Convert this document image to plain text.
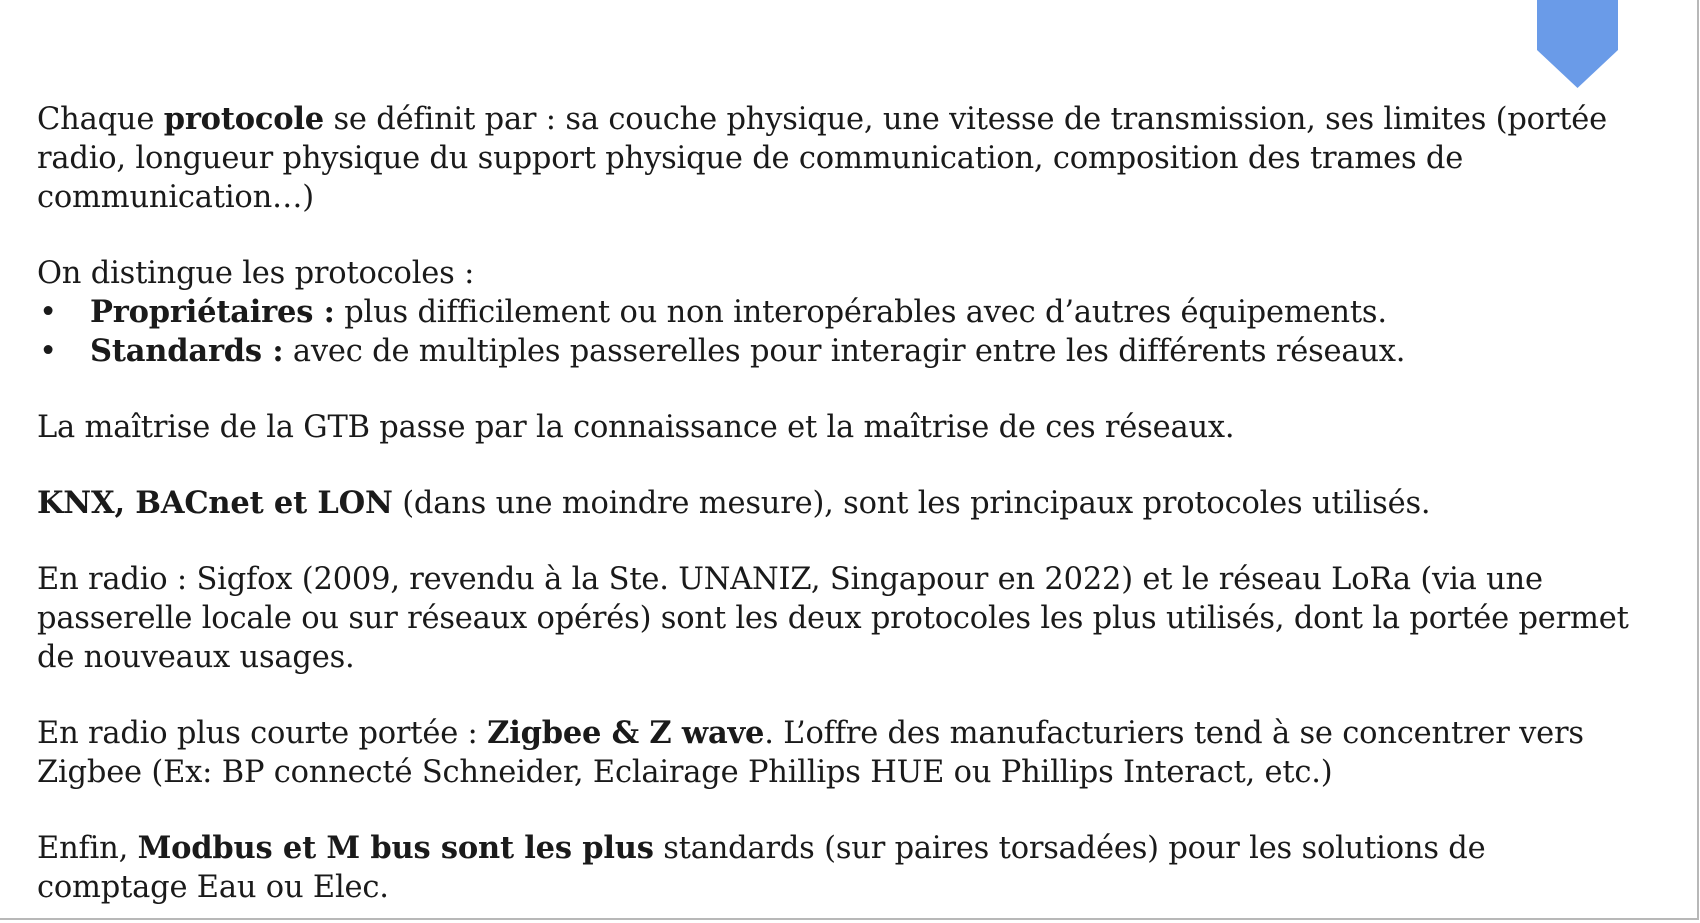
Chaque protocole se définit par : sa couche physique, une vitesse de transmission, ses limites (portée radio, longueur physique du support physique de communication, composition des trames de communication…)

On distingue les protocoles :

• Propriétaires : plus difficilement ou non interopérables avec d’autres équipements.
• Standards : avec de multiples passerelles pour interagir entre les différents réseaux.

La maîtrise de la GTB passe par la connaissance et la maîtrise de ces réseaux.

KNX, BACnet et LON (dans une moindre mesure), sont les principaux protocoles utilisés.

En radio : Sigfox (2009, revendu à la Ste. UNANIZ, Singapour en 2022) et le réseau LoRa (via une passerelle locale ou sur réseaux opérés) sont les deux protocoles les plus utilisés, dont la portée permet de nouveaux usages.

En radio plus courte portée : Zigbee & Z wave. L’offre des manufacturiers tend à se concentrer vers Zigbee (Ex: BP connecté Schneider, Eclairage Phillips HUE ou Phillips Interact, etc.)

Enfin, Modbus et M bus sont les plus standards (sur paires torsadées) pour les solutions de comptage Eau ou Elec.
